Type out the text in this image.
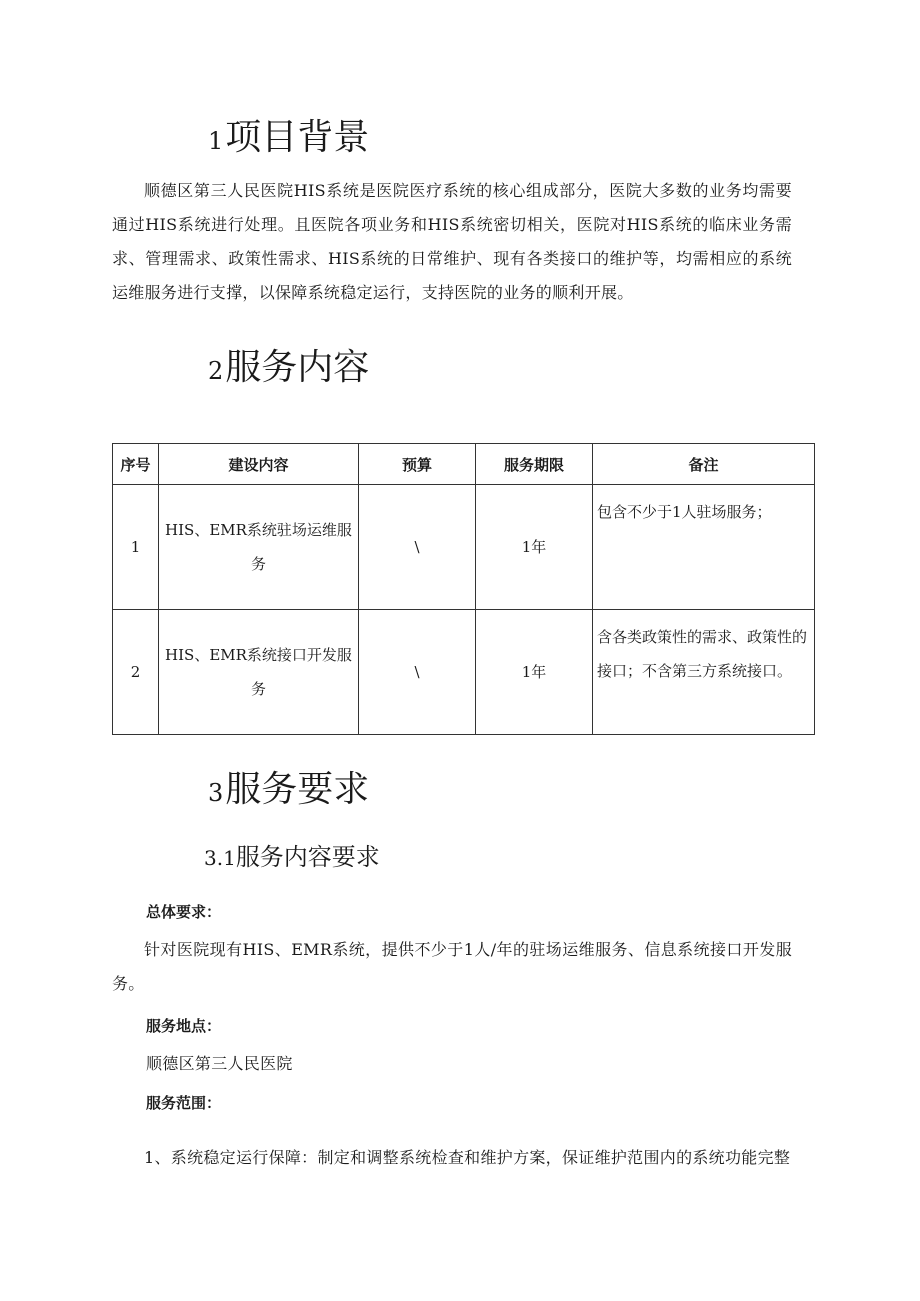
1项目背景
顺德区第三人民医院HIS系统是医院医疗系统的核心组成部分，医院大多数的业务均需要通过HIS系统进行处理。且医院各项业务和HIS系统密切相关，医院对HIS系统的临床业务需求、管理需求、政策性需求、HIS系统的日常维护、现有各类接口的维护等，均需相应的系统运维服务进行支撑，以保障系统稳定运行，支持医院的业务的顺利开展。
2服务内容
序号	建设内容	预算	服务期限	备注
1	HIS、EMR系统驻场运维服务	\	1年	包含不少于1人驻场服务；
2	HIS、EMR系统接口开发服务	\	1年	含各类政策性的需求、政策性的接口；不含第三方系统接口。
3服务要求
3.1服务内容要求
总体要求：
针对医院现有HIS、EMR系统，提供不少于1人/年的驻场运维服务、信息系统接口开发服务。
服务地点：
顺德区第三人民医院
服务范围：
1、系统稳定运行保障：制定和调整系统检查和维护方案，保证维护范围内的系统功能完整
